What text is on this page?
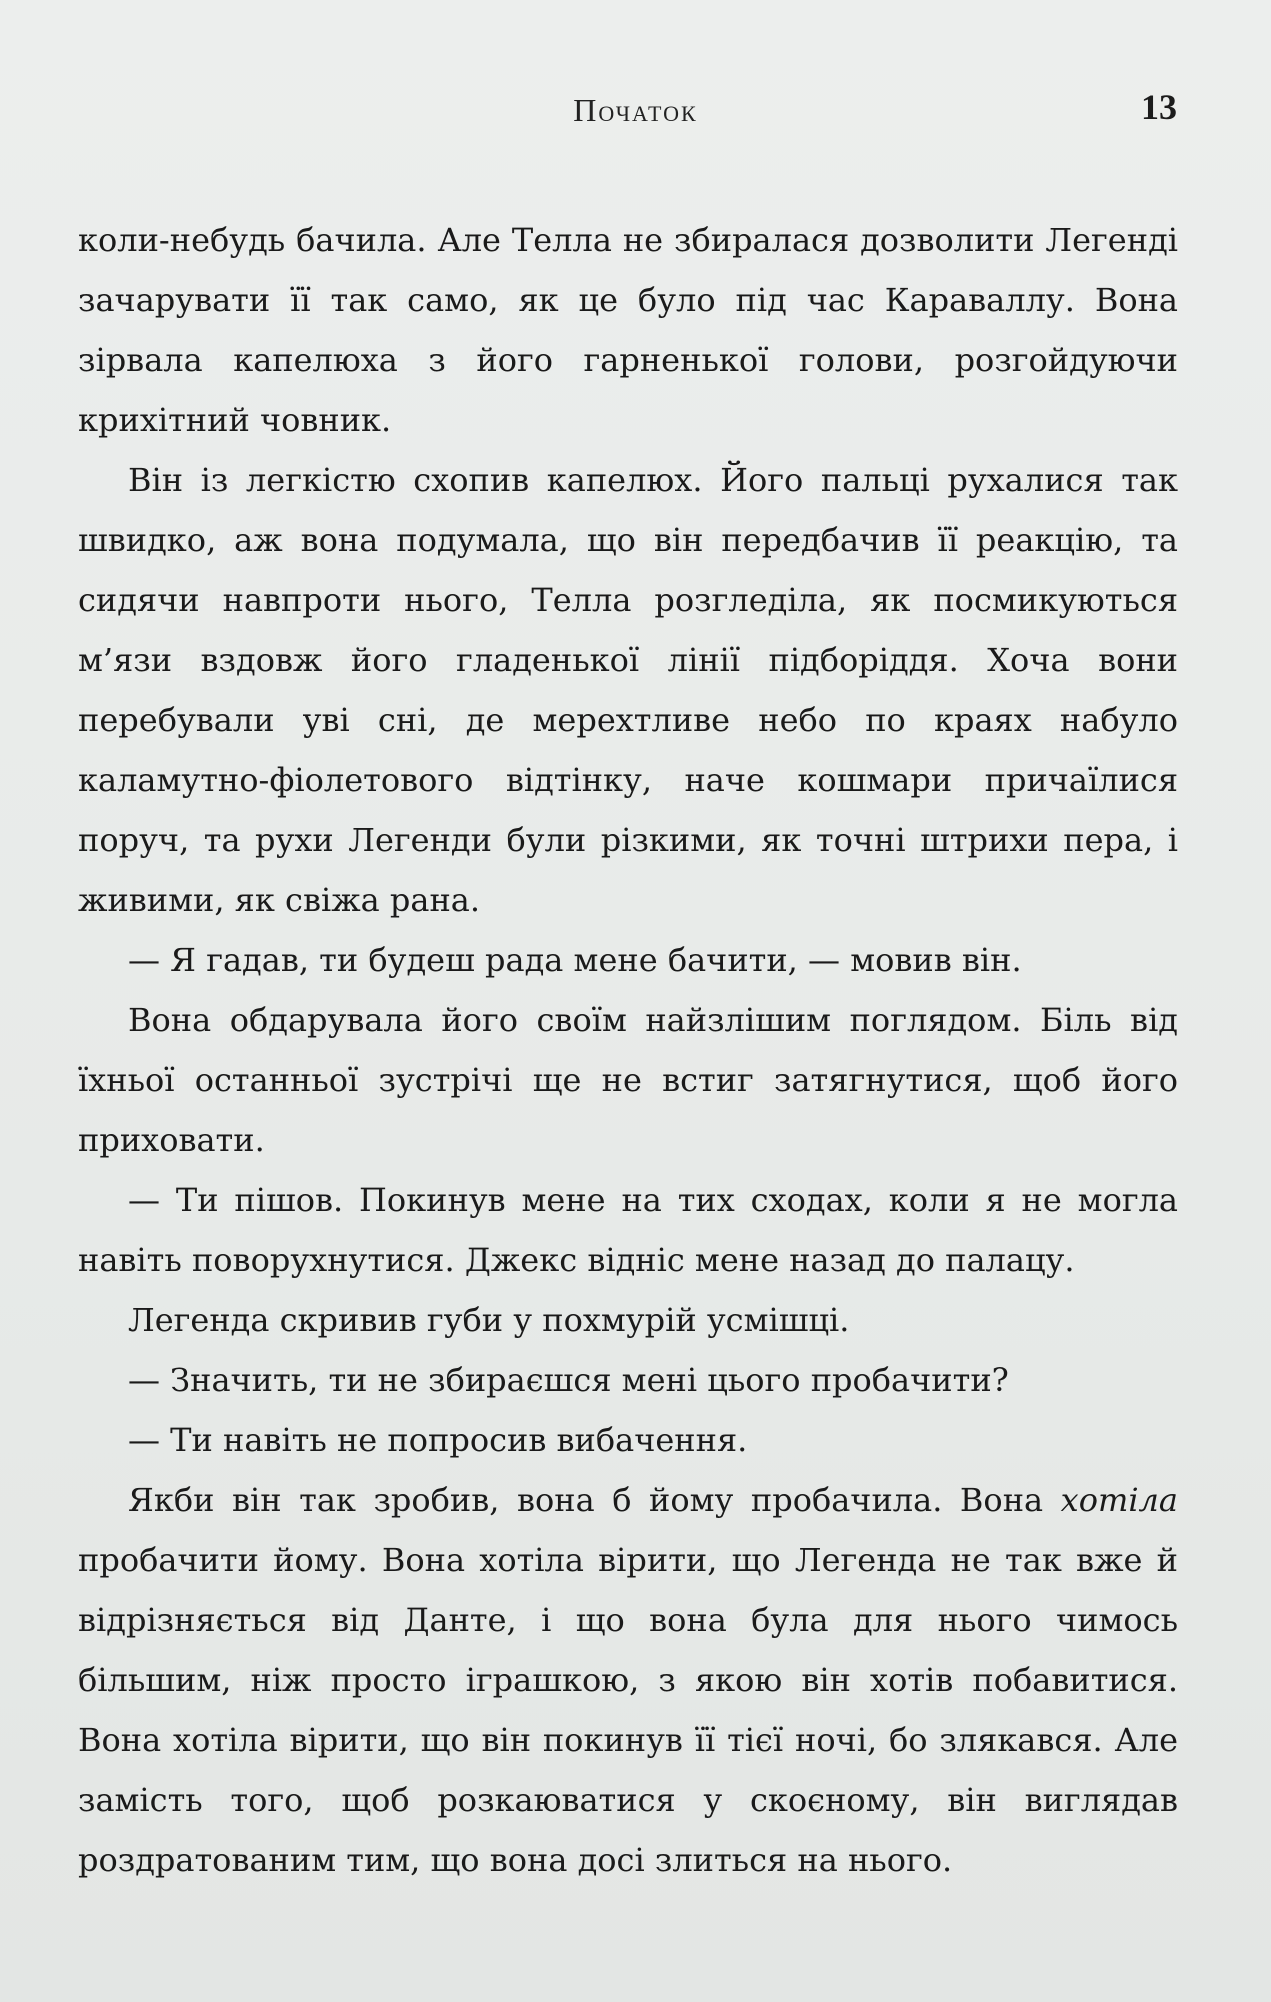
Початок	13

коли-небудь бачила. Але Телла не збиралася дозволити Легенді зачарувати її так само, як це було під час Караваллу. Вона зірвала капелюха з його гарненької голови, розгойдуючи крихітний човник.

Він із легкістю схопив капелюх. Його пальці рухалися так швидко, аж вона подумала, що він передбачив її реакцію, та сидячи навпроти нього, Телла розгледіла, як посмикуються м’язи вздовж його гладенької лінії підборіддя. Хоча вони перебували уві сні, де мерехтливе небо по краях набуло каламутно-фіолетового відтінку, наче кошмари причаїлися поруч, та рухи Легенди були різкими, як точні штрихи пера, і живими, як свіжа рана.

— Я гадав, ти будеш рада мене бачити, — мовив він.

Вона обдарувала його своїм найзлішим поглядом. Біль від їхньої останньої зустрічі ще не встиг затягнутися, щоб його приховати.

— Ти пішов. Покинув мене на тих сходах, коли я не могла навіть поворухнутися. Джекс відніс мене назад до палацу.

Легенда скривив губи у похмурій усмішці.

— Значить, ти не збираєшся мені цього пробачити?

— Ти навіть не попросив вибачення.

Якби він так зробив, вона б йому пробачила. Вона хотіла пробачити йому. Вона хотіла вірити, що Легенда не так вже й відрізняється від Данте, і що вона була для нього чимось більшим, ніж просто іграшкою, з якою він хотів побавитися. Вона хотіла вірити, що він покинув її тієї ночі, бо злякався. Але замість того, щоб розкаюватися у скоєному, він виглядав роздратованим тим, що вона досі злиться на нього.
